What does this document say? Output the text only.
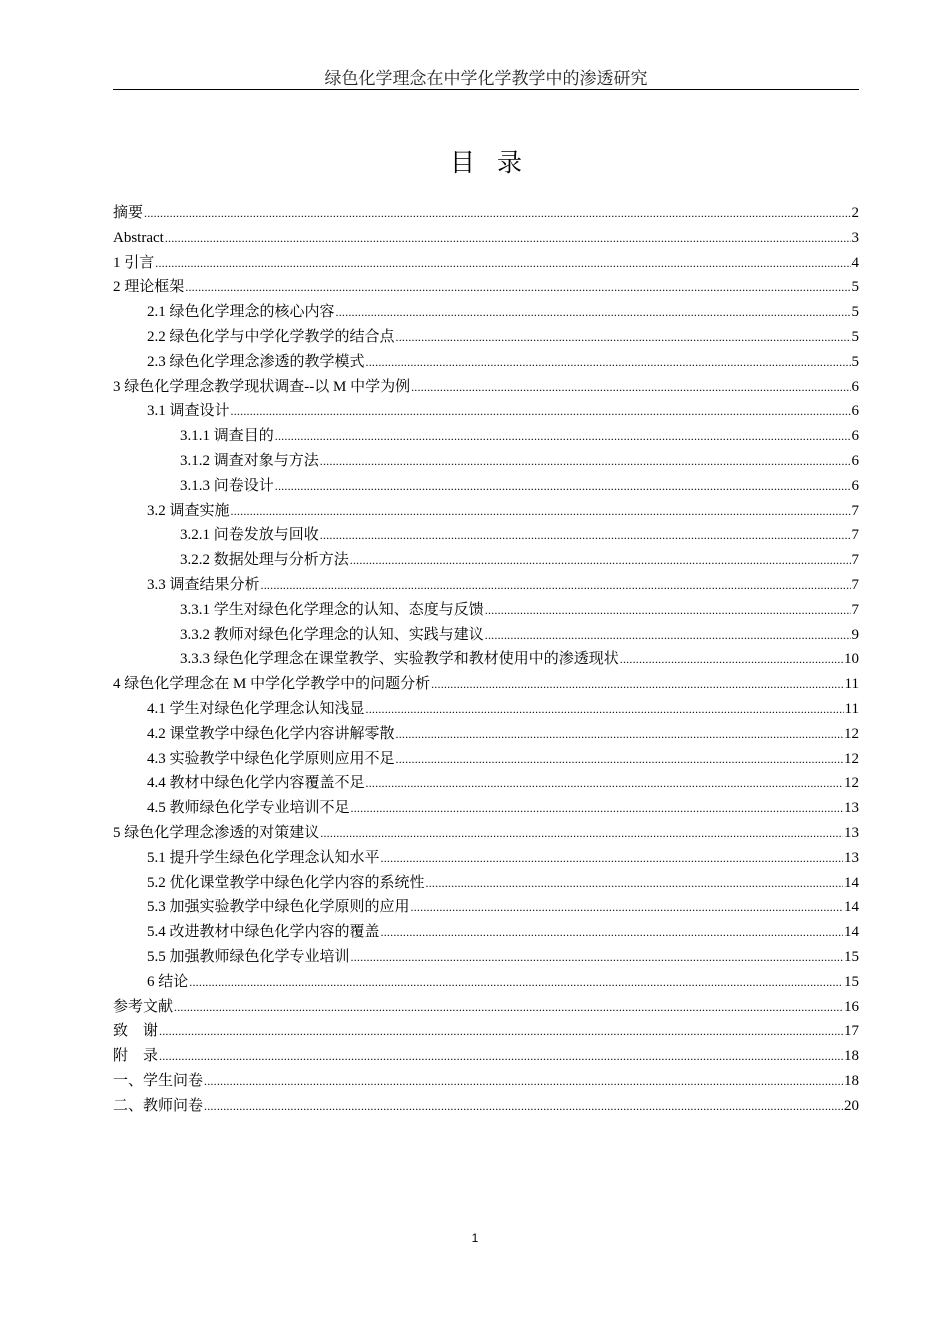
绿色化学理念在中学化学教学中的渗透研究
目录
摘要 .....	2
Abstract .....	3
1 引言 .....	4
2 理论框架 .....	5
2.1 绿色化学理念的核心内容 .....	5
2.2 绿色化学与中学化学教学的结合点 .....	5
2.3 绿色化学理念渗透的教学模式 .....	5
3 绿色化学理念教学现状调查--以 M 中学为例 .....	6
3.1 调查设计 .....	6
3.1.1 调查目的 .....	6
3.1.2 调查对象与方法 .....	6
3.1.3 问卷设计 .....	6
3.2 调查实施 .....	7
3.2.1 问卷发放与回收 .....	7
3.2.2 数据处理与分析方法 .....	7
3.3 调查结果分析 .....	7
3.3.1 学生对绿色化学理念的认知、态度与反馈 .....	7
3.3.2 教师对绿色化学理念的认知、实践与建议 .....	9
3.3.3 绿色化学理念在课堂教学、实验教学和教材使用中的渗透现状 .....	10
4 绿色化学理念在 M 中学化学教学中的问题分析 .....	11
4.1 学生对绿色化学理念认知浅显 .....	11
4.2 课堂教学中绿色化学内容讲解零散 .....	12
4.3 实验教学中绿色化学原则应用不足 .....	12
4.4 教材中绿色化学内容覆盖不足 .....	12
4.5 教师绿色化学专业培训不足 .....	13
5 绿色化学理念渗透的对策建议 .....	13
5.1 提升学生绿色化学理念认知水平 .....	13
5.2 优化课堂教学中绿色化学内容的系统性 .....	14
5.3 加强实验教学中绿色化学原则的应用 .....	14
5.4 改进教材中绿色化学内容的覆盖 .....	14
5.5 加强教师绿色化学专业培训 .....	15
6 结论 .....	15
参考文献 .....	16
致　谢 .....	17
附　录 .....	18
一、学生问卷 .....	18
二、教师问卷 .....	20
1
